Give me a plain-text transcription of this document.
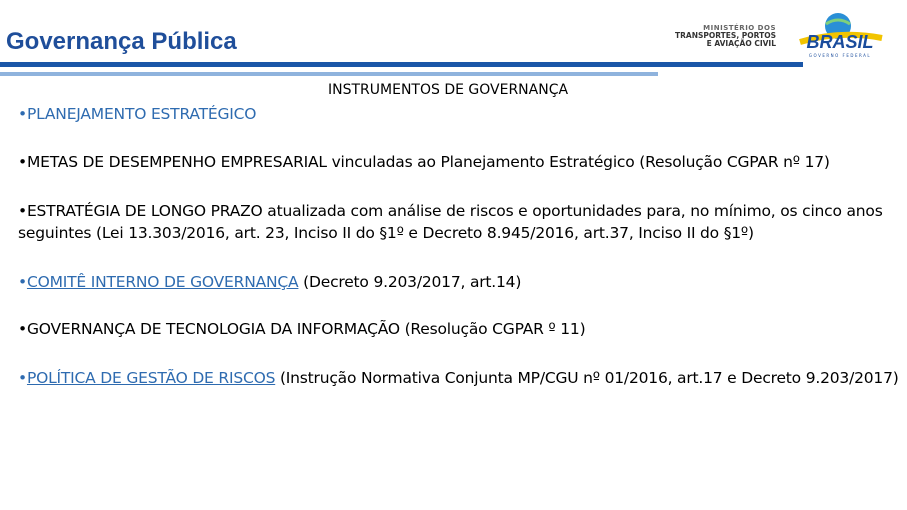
Governança Pública	MINISTÉRIO DOS
TRANSPORTES, PORTOS
E AVIAÇÃO CIVIL BRASIL
GOVERNO FEDERAL
INSTRUMENTOS DE GOVERNANÇA
•PLANEJAMENTO ESTRATÉGICO
•METAS DE DESEMPENHO EMPRESARIAL vinculadas ao Planejamento Estratégico (Resolução CGPAR nº 17)
•ESTRATÉGIA DE LONGO PRAZO atualizada com análise de riscos e oportunidades para, no mínimo, os cinco anos seguintes (Lei 13.303/2016, art. 23, Inciso II do §1º e Decreto 8.945/2016, art.37, Inciso II do §1º)
•COMITÊ INTERNO DE GOVERNANÇA (Decreto 9.203/2017, art.14)
•GOVERNANÇA DE TECNOLOGIA DA INFORMAÇÃO (Resolução CGPAR º 11)
•POLÍTICA DE GESTÃO DE RISCOS (Instrução Normativa Conjunta MP/CGU nº 01/2016, art.17 e Decreto 9.203/2017)
